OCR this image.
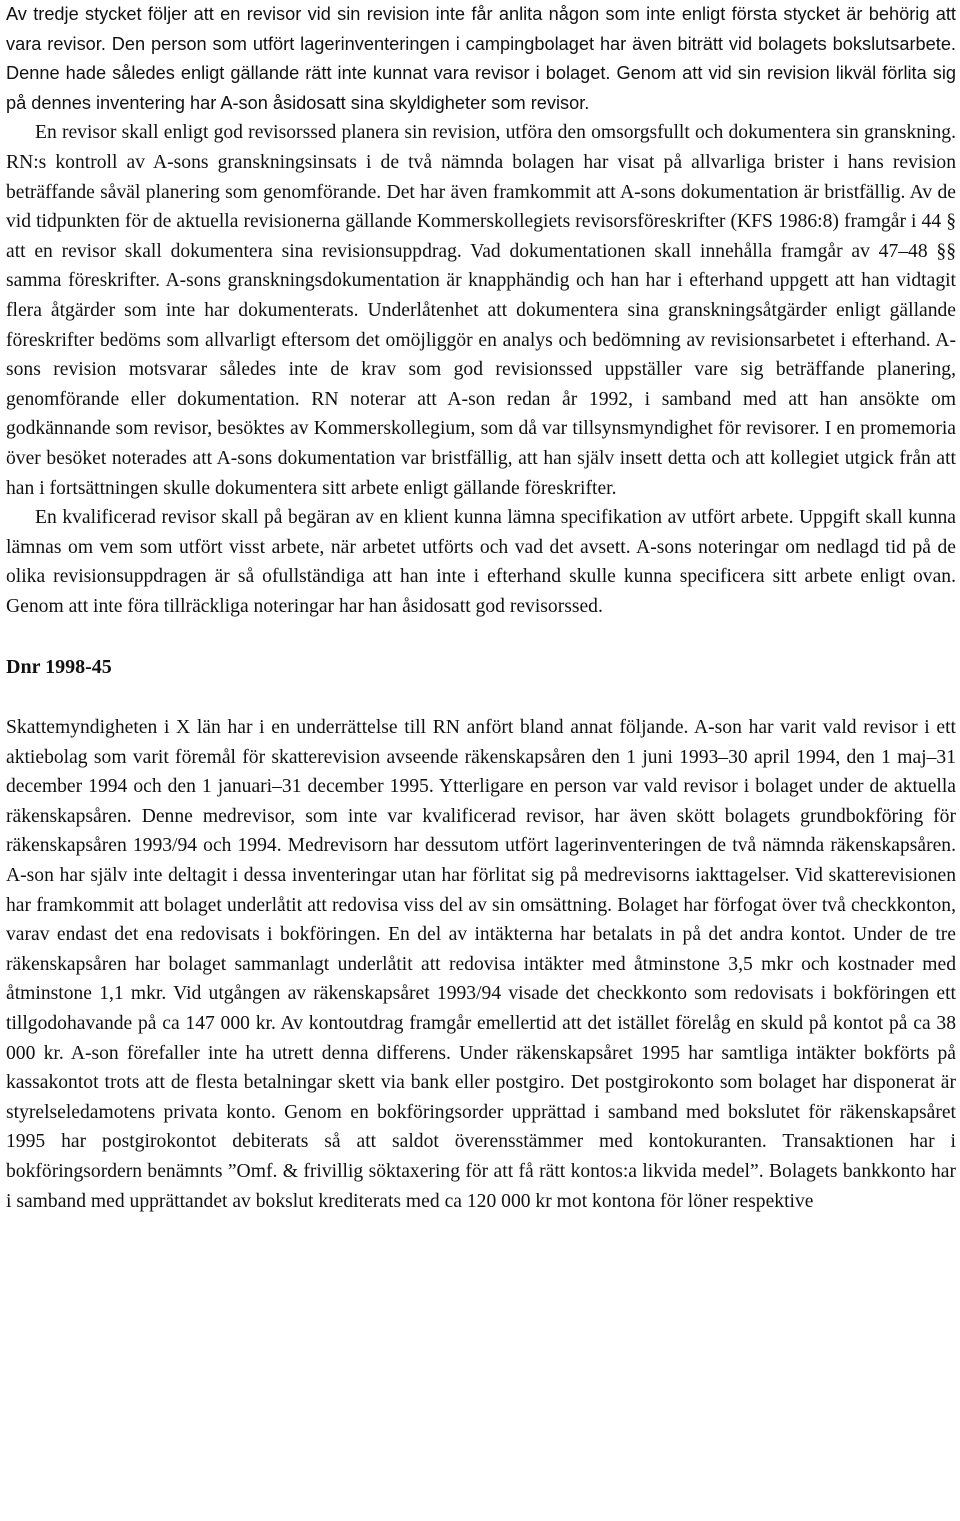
Av tredje stycket följer att en revisor vid sin revision inte får anlita någon som inte enligt första stycket är behörig att vara revisor. Den person som utfört lagerinventeringen i campingbolaget har även biträtt vid bolagets bokslutsarbete. Denne hade således enligt gällande rätt inte kunnat vara revisor i bolaget. Genom att vid sin revision likväl förlita sig på dennes inventering har A-son åsidosatt sina skyldigheter som revisor.

En revisor skall enligt god revisorssed planera sin revision, utföra den omsorgsfullt och dokumentera sin granskning. RN:s kontroll av A-sons granskningsinsats i de två nämnda bolagen har visat på allvarliga brister i hans revision beträffande såväl planering som genomförande. Det har även framkommit att A-sons dokumentation är bristfällig. Av de vid tidpunkten för de aktuella revisionerna gällande Kommerskollegiets revisorsföreskrifter (KFS 1986:8) framgår i 44 § att en revisor skall dokumentera sina revisionsuppdrag. Vad dokumentationen skall innehålla framgår av 47–48 §§ samma föreskrifter. A-sons granskningsdokumentation är knapphändig och han har i efterhand uppgett att han vidtagit flera åtgärder som inte har dokumenterats. Underlåtenhet att dokumentera sina granskningsåtgärder enligt gällande föreskrifter bedöms som allvarligt eftersom det omöjliggör en analys och bedömning av revisionsarbetet i efterhand. A-sons revision motsvarar således inte de krav som god revisionssed uppställer vare sig beträffande planering, genomförande eller dokumentation. RN noterar att A-son redan år 1992, i samband med att han ansökte om godkännande som revisor, besöktes av Kommerskollegium, som då var tillsynsmyndighet för revisorer. I en promemoria över besöket noterades att A-sons dokumentation var bristfällig, att han själv insett detta och att kollegiet utgick från att han i fortsättningen skulle dokumentera sitt arbete enligt gällande föreskrifter.

En kvalificerad revisor skall på begäran av en klient kunna lämna specifikation av utfört arbete. Uppgift skall kunna lämnas om vem som utfört visst arbete, när arbetet utförts och vad det avsett. A-sons noteringar om nedlagd tid på de olika revisionsuppdragen är så ofullständiga att han inte i efterhand skulle kunna specificera sitt arbete enligt ovan. Genom att inte föra tillräckliga noteringar har han åsidosatt god revisorssed.

Dnr 1998-45

Skattemyndigheten i X län har i en underrättelse till RN anfört bland annat följande. A-son har varit vald revisor i ett aktiebolag som varit föremål för skatterevision avseende räkenskapsåren den 1 juni 1993–30 april 1994, den 1 maj–31 december 1994 och den 1 januari–31 december 1995. Ytterligare en person var vald revisor i bolaget under de aktuella räkenskapsåren. Denne medrevisor, som inte var kvalificerad revisor, har även skött bolagets grundbokföring för räkenskapsåren 1993/94 och 1994. Medrevisorn har dessutom utfört lagerinventeringen de två nämnda räkenskapsåren. A-son har själv inte deltagit i dessa inventeringar utan har förlitat sig på medrevisorns iakttagelser. Vid skatterevisionen har framkommit att bolaget underlåtit att redovisa viss del av sin omsättning. Bolaget har förfogat över två checkkonton, varav endast det ena redovisats i bokföringen. En del av intäkterna har betalats in på det andra kontot. Under de tre räkenskapsåren har bolaget sammanlagt underlåtit att redovisa intäkter med åtminstone 3,5 mkr och kostnader med åtminstone 1,1 mkr. Vid utgången av räkenskapsåret 1993/94 visade det checkkonto som redovisats i bokföringen ett tillgodohavande på ca 147 000 kr. Av kontoutdrag framgår emellertid att det istället förelåg en skuld på kontot på ca 38 000 kr. A-son förefaller inte ha utrett denna differens. Under räkenskapsåret 1995 har samtliga intäkter bokförts på kassakontot trots att de flesta betalningar skett via bank eller postgiro. Det postgirokonto som bolaget har disponerat är styrelseledamotens privata konto. Genom en bokföringsorder upprättad i samband med bokslutet för räkenskapsåret 1995 har postgirokontot debiterats så att saldot överensstämmer med kontokuranten. Transaktionen har i bokföringsordern benämnts ”Omf. & frivillig söktaxering för att få rätt kontos:a likvida medel”. Bolagets bankkonto har i samband med upprättandet av bokslut krediterats med ca 120 000 kr mot kontona för löner respektive
